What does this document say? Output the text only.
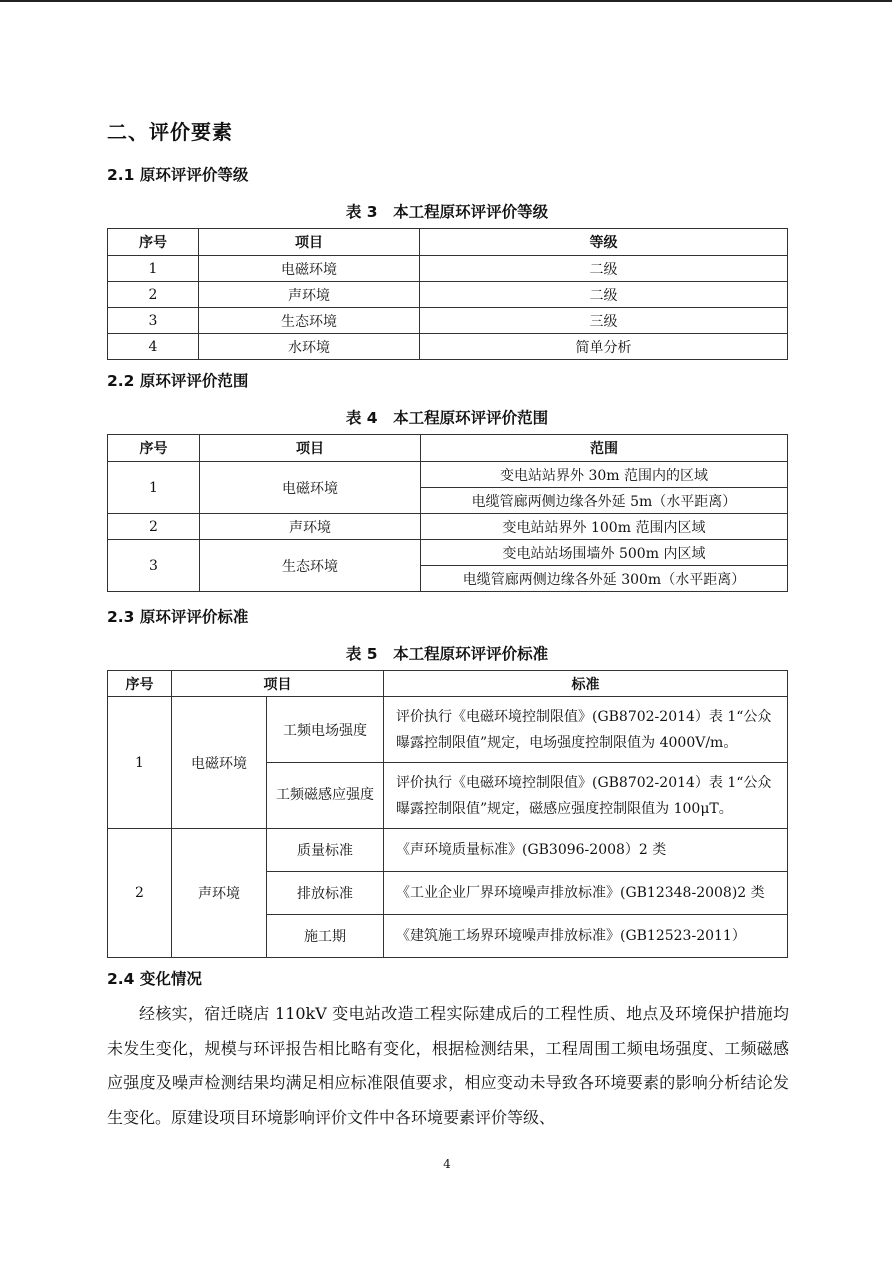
二、评价要素
2.1 原环评评价等级
表 3　本工程原环评评价等级
序号	项目	等级
1	电磁环境	二级
2	声环境	二级
3	生态环境	三级
4	水环境	简单分析
2.2 原环评评价范围
表 4　本工程原环评评价范围
序号	项目	范围
1	电磁环境	变电站站界外 30m 范围内的区域
		电缆管廊两侧边缘各外延 5m（水平距离）
2	声环境	变电站站界外 100m 范围内区域
3	生态环境	变电站站场围墙外 500m 内区域
		电缆管廊两侧边缘各外延 300m（水平距离）
2.3 原环评评价标准
表 5　本工程原环评评价标准
序号	项目		标准
1	电磁环境	工频电场强度	评价执行《电磁环境控制限值》(GB8702-2014）表 1“公众曝露控制限值”规定，电场强度控制限值为 4000V/m。
		工频磁感应强度	评价执行《电磁环境控制限值》(GB8702-2014）表 1“公众曝露控制限值”规定，磁感应强度控制限值为 100μT。
2	声环境	质量标准	《声环境质量标准》(GB3096-2008）2 类
		排放标准	《工业企业厂界环境噪声排放标准》(GB12348-2008)2 类
		施工期	《建筑施工场界环境噪声排放标准》(GB12523-2011）
2.4 变化情况

经核实，宿迁晓店 110kV 变电站改造工程实际建成后的工程性质、地点及环境保护措施均未发生变化，规模与环评报告相比略有变化，根据检测结果，工程周围工频电场强度、工频磁感应强度及噪声检测结果均满足相应标准限值要求，相应变动未导致各环境要素的影响分析结论发生变化。原建设项目环境影响评价文件中各环境要素评价等级、

4
